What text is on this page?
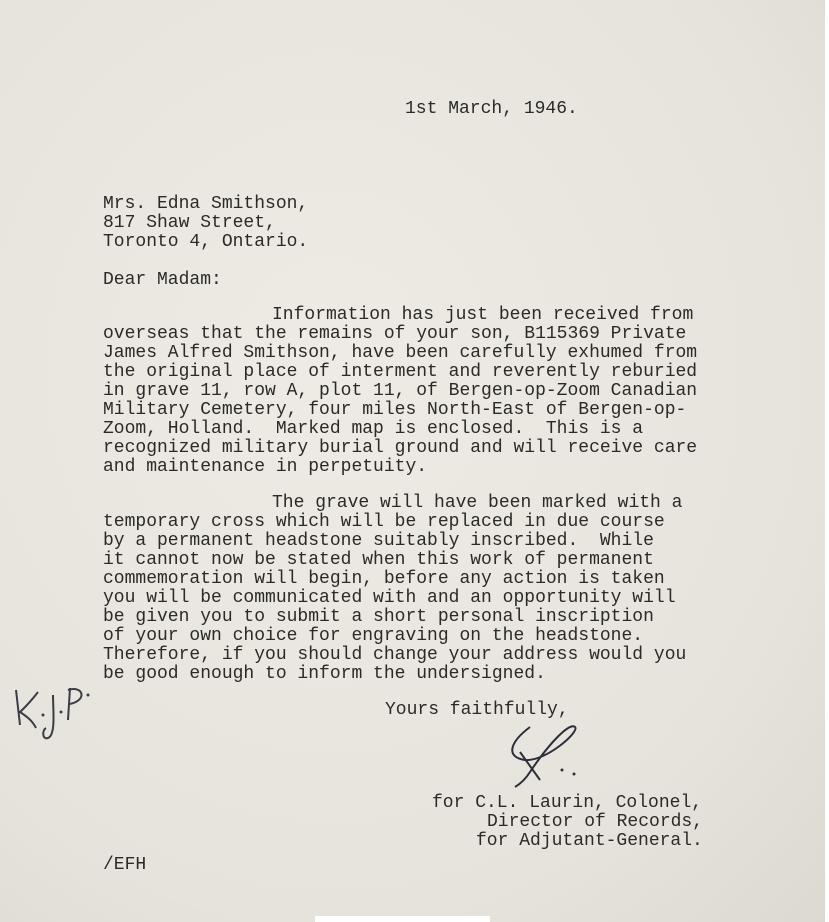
1st March, 1946.
Mrs. Edna Smithson,
817 Shaw Street,
Toronto 4, Ontario.
Dear Madam:
Information has just been received from
overseas that the remains of your son, B115369 Private
James Alfred Smithson, have been carefully exhumed from
the original place of interment and reverently reburied
in grave 11, row A, plot 11, of Bergen-op-Zoom Canadian
Military Cemetery, four miles North-East of Bergen-op-
Zoom, Holland.  Marked map is enclosed.  This is a
recognized military burial ground and will receive care
and maintenance in perpetuity.
The grave will have been marked with a
temporary cross which will be replaced in due course
by a permanent headstone suitably inscribed.  While
it cannot now be stated when this work of permanent
commemoration will begin, before any action is taken
you will be communicated with and an opportunity will
be given you to submit a short personal inscription
of your own choice for engraving on the headstone.
Therefore, if you should change your address would you
be good enough to inform the undersigned.
Yours faithfully,
for C.L. Laurin, Colonel,
Director of Records,
for Adjutant-General.
/EFH
